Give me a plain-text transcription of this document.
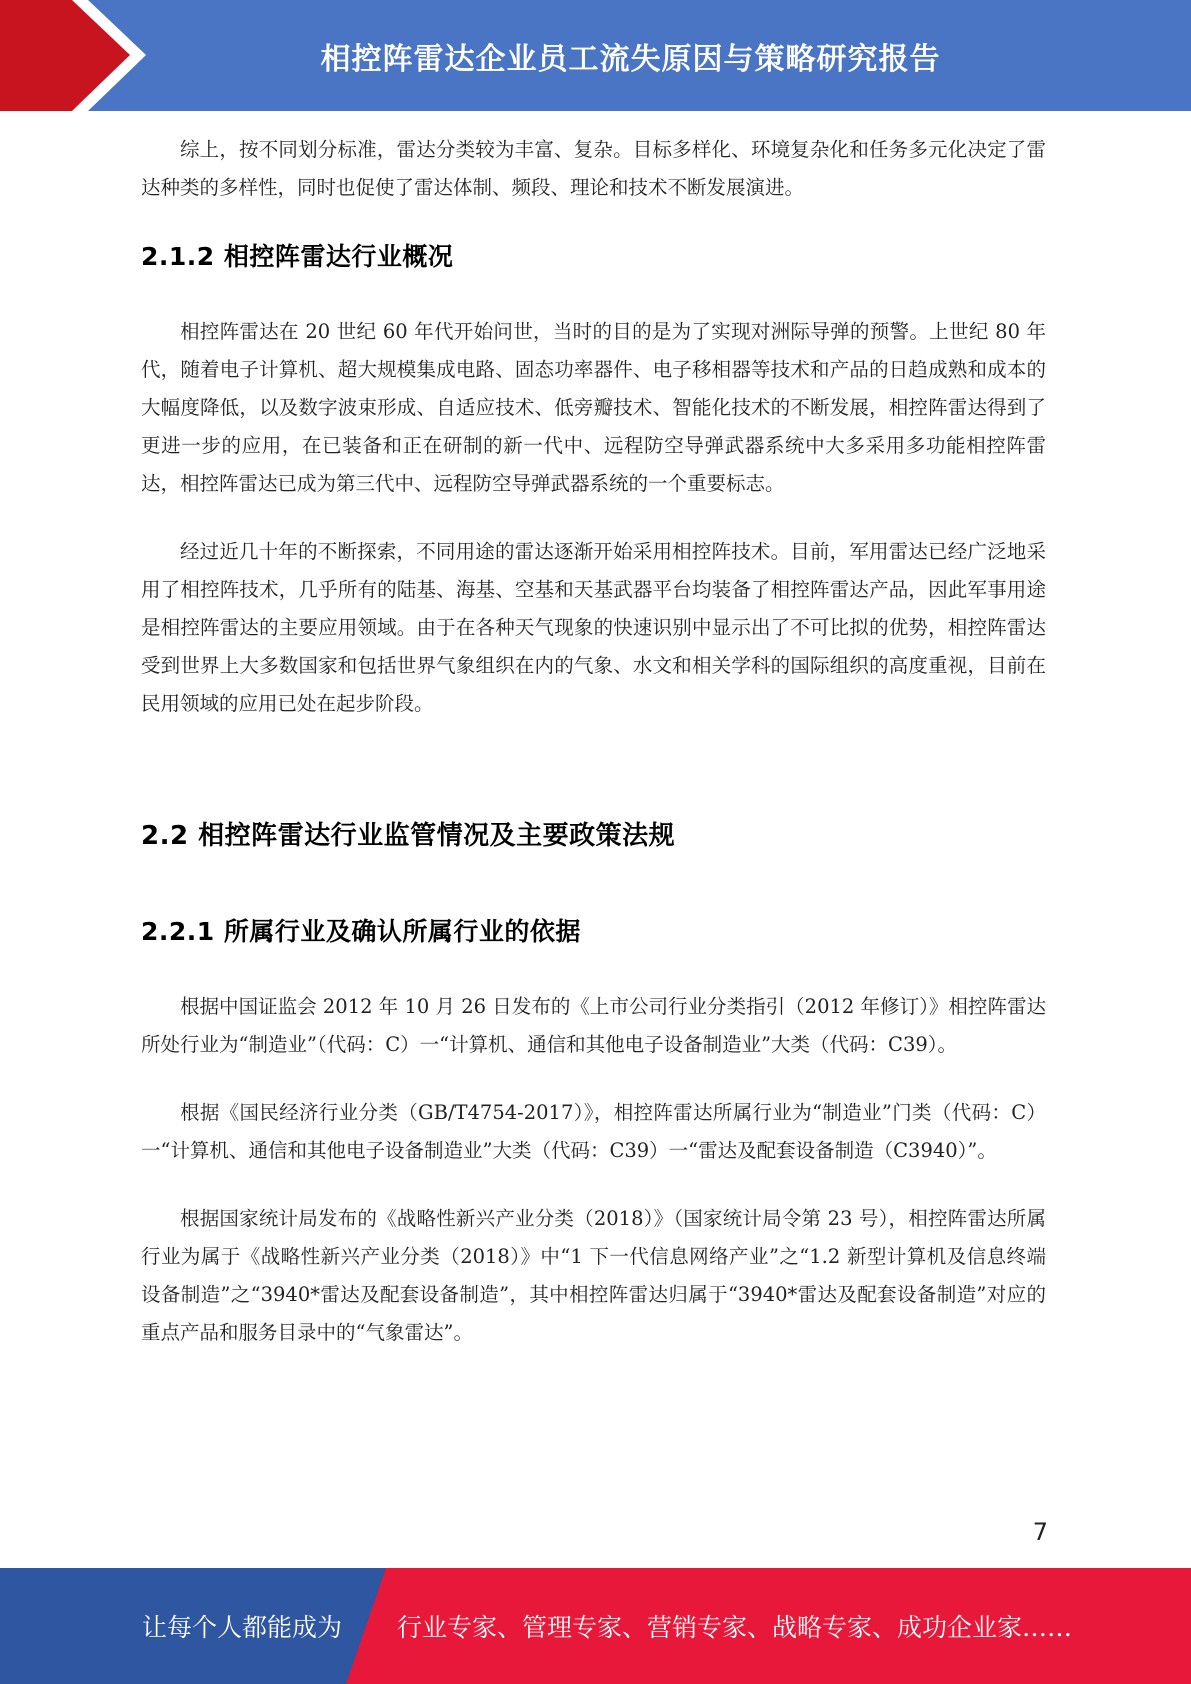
相控阵雷达企业员工流失原因与策略研究报告

综上，按不同划分标准，雷达分类较为丰富、复杂。目标多样化、环境复杂化和任务多元化决定了雷达种类的多样性，同时也促使了雷达体制、频段、理论和技术不断发展演进。

2.1.2 相控阵雷达行业概况

相控阵雷达在 20 世纪 60 年代开始问世，当时的目的是为了实现对洲际导弹的预警。上世纪 80 年代，随着电子计算机、超大规模集成电路、固态功率器件、电子移相器等技术和产品的日趋成熟和成本的大幅度降低，以及数字波束形成、自适应技术、低旁瓣技术、智能化技术的不断发展，相控阵雷达得到了更进一步的应用，在已装备和正在研制的新一代中、远程防空导弹武器系统中大多采用多功能相控阵雷达，相控阵雷达已成为第三代中、远程防空导弹武器系统的一个重要标志。

经过近几十年的不断探索，不同用途的雷达逐渐开始采用相控阵技术。目前，军用雷达已经广泛地采用了相控阵技术，几乎所有的陆基、海基、空基和天基武器平台均装备了相控阵雷达产品，因此军事用途是相控阵雷达的主要应用领域。由于在各种天气现象的快速识别中显示出了不可比拟的优势，相控阵雷达受到世界上大多数国家和包括世界气象组织在内的气象、水文和相关学科的国际组织的高度重视，目前在民用领域的应用已处在起步阶段。

2.2 相控阵雷达行业监管情况及主要政策法规
2.2.1 所属行业及确认所属行业的依据

根据中国证监会 2012 年 10 月 26 日发布的《上市公司行业分类指引（2012 年修订）》相控阵雷达所处行业为“制造业”（代码：C）一“计算机、通信和其他电子设备制造业”大类（代码：C39）。

根据《国民经济行业分类（GB/T4754-2017）》，相控阵雷达所属行业为“制造业”门类（代码：C）一“计算机、通信和其他电子设备制造业”大类（代码：C39）一“雷达及配套设备制造（C3940）”。

根据国家统计局发布的《战略性新兴产业分类（2018）》（国家统计局令第 23 号），相控阵雷达所属行业为属于《战略性新兴产业分类（2018）》中“1 下一代信息网络产业”之“1.2 新型计算机及信息终端设备制造”之“3940*雷达及配套设备制造”，其中相控阵雷达归属于“3940*雷达及配套设备制造”对应的重点产品和服务目录中的“气象雷达”。

7
让每个人都能成为 行业专家、管理专家、营销专家、战略专家、成功企业家……
